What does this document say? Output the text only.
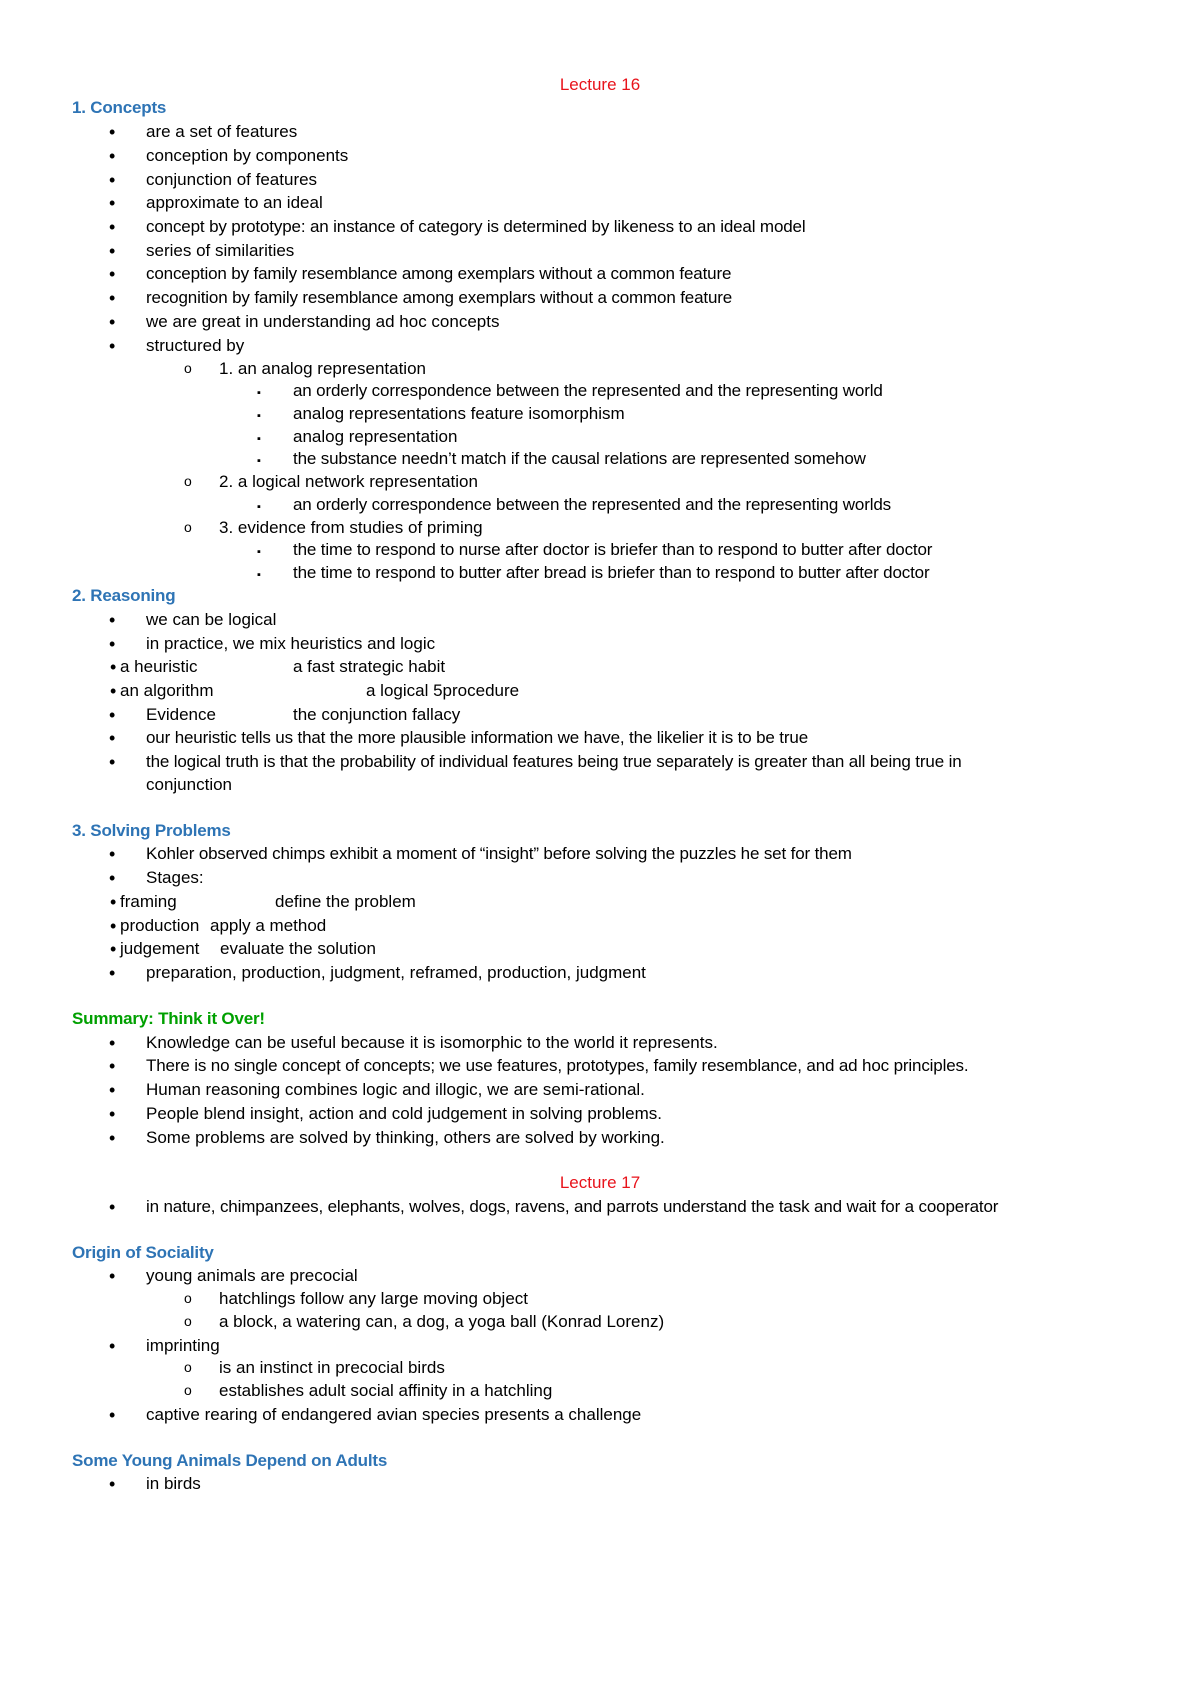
Lecture 16
1. Concepts
• are a set of features
• conception by components
• conjunction of features
• approximate to an ideal
• concept by prototype: an instance of category is determined by likeness to an ideal model
• series of similarities
• conception by family resemblance among exemplars without a common feature
• recognition by family resemblance among exemplars without a common feature
• we are great in understanding ad hoc concepts
• structured by
o 1. an analog representation
▪ an orderly correspondence between the represented and the representing world
▪ analog representations feature isomorphism
▪ analog representation
▪ the substance needn’t match if the causal relations are represented somehow
o 2. a logical network representation
▪ an orderly correspondence between the represented and the representing worlds
o 3. evidence from studies of priming
▪ the time to respond to nurse after doctor is briefer than to respond to butter after doctor
▪ the time to respond to butter after bread is briefer than to respond to butter after doctor
2. Reasoning
• we can be logical
• in practice, we mix heuristics and logic
• a heuristic	a fast strategic habit
• an algorithm	a logical 5procedure
• Evidence	the conjunction fallacy
• our heuristic tells us that the more plausible information we have, the likelier it is to be true
• the logical truth is that the probability of individual features being true separately is greater than all being true in
conjunction
3. Solving Problems
• Kohler observed chimps exhibit a moment of “insight” before solving the puzzles he set for them
• Stages:
• framing	define the problem
• production apply a method
• judgement evaluate the solution
• preparation, production, judgment, reframed, production, judgment
Summary: Think it Over!
• Knowledge can be useful because it is isomorphic to the world it represents.
• There is no single concept of concepts; we use features, prototypes, family resemblance, and ad hoc principles.
• Human reasoning combines logic and illogic, we are semi-rational.
• People blend insight, action and cold judgement in solving problems.
• Some problems are solved by thinking, others are solved by working.
Lecture 17
• in nature, chimpanzees, elephants, wolves, dogs, ravens, and parrots understand the task and wait for a cooperator
Origin of Sociality
• young animals are precocial
o hatchlings follow any large moving object
o a block, a watering can, a dog, a yoga ball (Konrad Lorenz)
• imprinting
o is an instinct in precocial birds
o establishes adult social affinity in a hatchling
• captive rearing of endangered avian species presents a challenge
Some Young Animals Depend on Adults
• in birds
